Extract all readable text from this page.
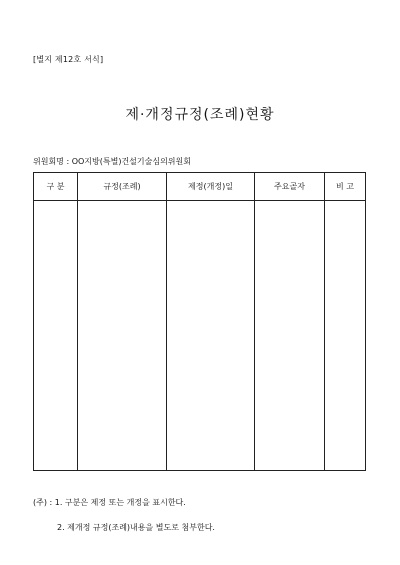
[별지 제12호 서식]
제·개정규정(조례)현황
위원회명 : OO지방(특별)건설기술심의위원회
구 분	규정(조례)	제정(개정)일	주요골자	비 고

(주) : 1. 구분은 제정 또는 개정을 표시한다.
2. 제개정 규정(조례)내용을 별도로 첨부한다.
